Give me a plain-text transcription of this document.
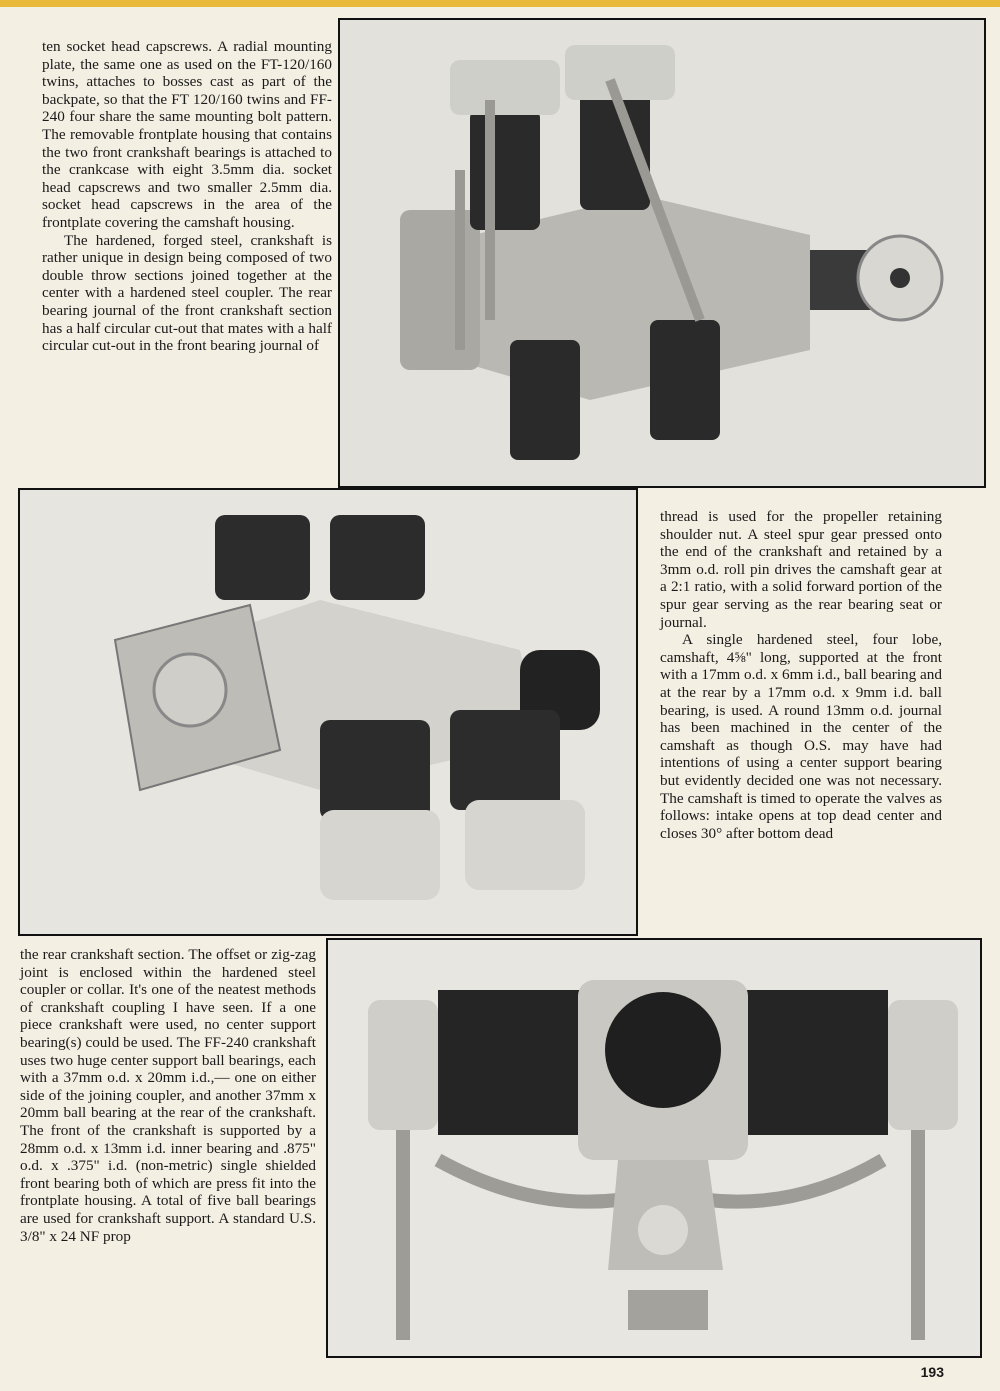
ten socket head capscrews. A radial mounting plate, the same one as used on the FT-120/160 twins, attaches to bosses cast as part of the backpate, so that the FT 120/160 twins and FF-240 four share the same mounting bolt pattern. The removable frontplate housing that contains the two front crankshaft bearings is attached to the crankcase with eight 3.5mm dia. socket head capscrews and two smaller 2.5mm dia. socket head capscrews in the area of the frontplate covering the camshaft housing.

The hardened, forged steel, crankshaft is rather unique in design being composed of two double throw sections joined together at the center with a hardened steel coupler. The rear bearing journal of the front crankshaft section has a half circular cut-out that mates with a half circular cut-out in the front bearing journal of

thread is used for the propeller retaining shoulder nut. A steel spur gear pressed onto the end of the crankshaft and retained by a 3mm o.d. roll pin drives the camshaft gear at a 2:1 ratio, with a solid forward portion of the spur gear serving as the rear bearing seat or journal.

A single hardened steel, four lobe, camshaft, 4⅝" long, supported at the front with a 17mm o.d. x 6mm i.d., ball bearing and at the rear by a 17mm o.d. x 9mm i.d. ball bearing, is used. A round 13mm o.d. journal has been machined in the center of the camshaft as though O.S. may have had intentions of using a center support bearing but evidently decided one was not necessary. The camshaft is timed to operate the valves as follows: intake opens at top dead center and closes 30° after bottom dead

the rear crankshaft section. The offset or zig-zag joint is enclosed within the hardened steel coupler or collar. It's one of the neatest methods of crankshaft coupling I have seen. If a one piece crankshaft were used, no center support bearing(s) could be used. The FF-240 crankshaft uses two huge center support ball bearings, each with a 37mm o.d. x 20mm i.d.,— one on either side of the joining coupler, and another 37mm x 20mm ball bearing at the rear of the crankshaft. The front of the crankshaft is supported by a 28mm o.d. x 13mm i.d. inner bearing and .875" o.d. x .375" i.d. (non-metric) single shielded front bearing both of which are press fit into the frontplate housing. A total of five ball bearings are used for crankshaft support. A standard U.S. 3/8" x 24 NF prop

193
